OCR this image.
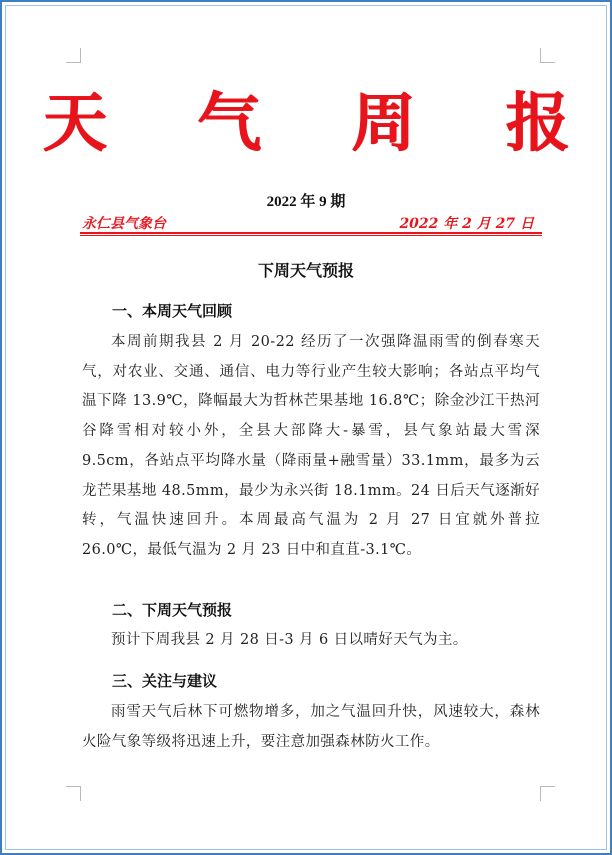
天 气 周 报
2022 年 9 期
永仁县气象台	2022 年 2 月 27 日
下周天气预报
一、本周天气回顾
本周前期我县 2 月 20-22 经历了一次强降温雨雪的倒春寒天气，对农业、交通、通信、电力等行业产生较大影响；各站点平均气温下降 13.9℃，降幅最大为哲林芒果基地 16.8℃；除金沙江干热河谷降雪相对较小外，全县大部降大-暴雪，县气象站最大雪深 9.5cm，各站点平均降水量（降雨量+融雪量）33.1mm，最多为云龙芒果基地 48.5mm，最少为永兴街 18.1mm。24 日后天气逐渐好转，气温快速回升。本周最高气温为 2 月 27 日宜就外普拉 26.0℃，最低气温为 2 月 23 日中和直苴-3.1℃。
二、下周天气预报
预计下周我县 2 月 28 日-3 月 6 日以晴好天气为主。
三、关注与建议
雨雪天气后林下可燃物增多，加之气温回升快，风速较大，森林火险气象等级将迅速上升，要注意加强森林防火工作。
